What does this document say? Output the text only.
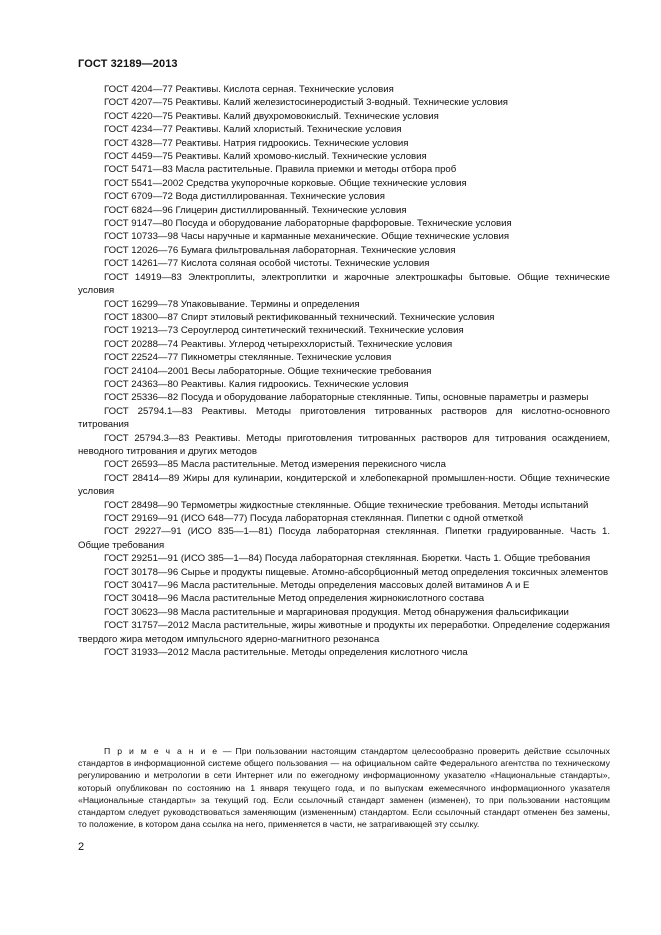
ГОСТ 32189—2013

ГОСТ 4204—77 Реактивы. Кислота серная. Технические условия

ГОСТ 4207—75 Реактивы. Калий железистосинеродистый 3-водный. Технические условия

ГОСТ 4220—75 Реактивы. Калий двухромовокислый. Технические условия

ГОСТ 4234—77 Реактивы. Калий хлористый. Технические условия

ГОСТ 4328—77 Реактивы. Натрия гидроокись. Технические условия

ГОСТ 4459—75 Реактивы. Калий хромово-кислый. Технические условия

ГОСТ 5471—83 Масла растительные. Правила приемки и методы отбора проб

ГОСТ 5541—2002 Средства укупорочные корковые. Общие технические условия

ГОСТ 6709—72 Вода дистиллированная. Технические условия

ГОСТ 6824—96 Глицерин дистиллированный. Технические условия

ГОСТ 9147—80 Посуда и оборудование лабораторные фарфоровые. Технические условия

ГОСТ 10733—98 Часы наручные и карманные механические. Общие технические условия

ГОСТ 12026—76 Бумага фильтровальная лабораторная. Технические условия

ГОСТ 14261—77 Кислота соляная особой чистоты. Технические условия

ГОСТ 14919—83 Электроплиты, электроплитки и жарочные электрошкафы бытовые. Общие технические условия

ГОСТ 16299—78 Упаковывание. Термины и определения

ГОСТ 18300—87 Спирт этиловый ректификованный технический. Технические условия

ГОСТ 19213—73 Сероуглерод синтетический технический. Технические условия

ГОСТ 20288—74 Реактивы. Углерод четыреххлористый. Технические условия

ГОСТ 22524—77 Пикнометры стеклянные. Технические условия

ГОСТ 24104—2001 Весы лабораторные. Общие технические требования

ГОСТ 24363—80 Реактивы. Калия гидроокись. Технические условия

ГОСТ 25336—82 Посуда и оборудование лабораторные стеклянные. Типы, основные параметры и размеры

ГОСТ 25794.1—83 Реактивы. Методы приготовления титрованных растворов для кислотно-основного титрования

ГОСТ 25794.3—83 Реактивы. Методы приготовления титрованных растворов для титрования осаждением, неводного титрования и других методов

ГОСТ 26593—85 Масла растительные. Метод измерения перекисного числа

ГОСТ 28414—89 Жиры для кулинарии, кондитерской и хлебопекарной промышлен-ности. Общие технические условия

ГОСТ 28498—90 Термометры жидкостные стеклянные. Общие технические требования. Методы испытаний

ГОСТ 29169—91 (ИСО 648—77) Посуда лабораторная стеклянная. Пипетки с одной отметкой

ГОСТ 29227—91 (ИСО 835—1—81) Посуда лабораторная стеклянная. Пипетки градуированные. Часть 1. Общие требования

ГОСТ 29251—91 (ИСО 385—1—84) Посуда лабораторная стеклянная. Бюретки. Часть 1. Общие требования

ГОСТ 30178—96 Сырье и продукты пищевые. Атомно-абсорбционный метод определения токсичных элементов

ГОСТ 30417—96 Масла растительные. Методы определения массовых долей витаминов А и Е

ГОСТ 30418—96 Масла растительные Метод определения жирнокислотного состава

ГОСТ 30623—98 Масла растительные и маргариновая продукция. Метод обнаружения фальсификации

ГОСТ 31757—2012 Масла растительные, жиры животные и продукты их переработки. Определение содержания твердого жира методом импульсного ядерно-магнитного резонанса

ГОСТ 31933—2012 Масла растительные. Методы определения кислотного числа

П р и м е ч а н и е — При пользовании настоящим стандартом целесообразно проверить действие ссылочных стандартов в информационной системе общего пользования — на официальном сайте Федерального агентства по техническому регулированию и метрологии в сети Интернет или по ежегодному информационному указателю «Национальные стандарты», который опубликован по состоянию на 1 января текущего года, и по выпускам ежемесячного информационного указателя «Национальные стандарты» за текущий год. Если ссылочный стандарт заменен (изменен), то при пользовании настоящим стандартом следует руководствоваться заменяющим (измененным) стандартом. Если ссылочный стандарт отменен без замены, то положение, в котором дана ссылка на него, применяется в части, не затрагивающей эту ссылку.

2
